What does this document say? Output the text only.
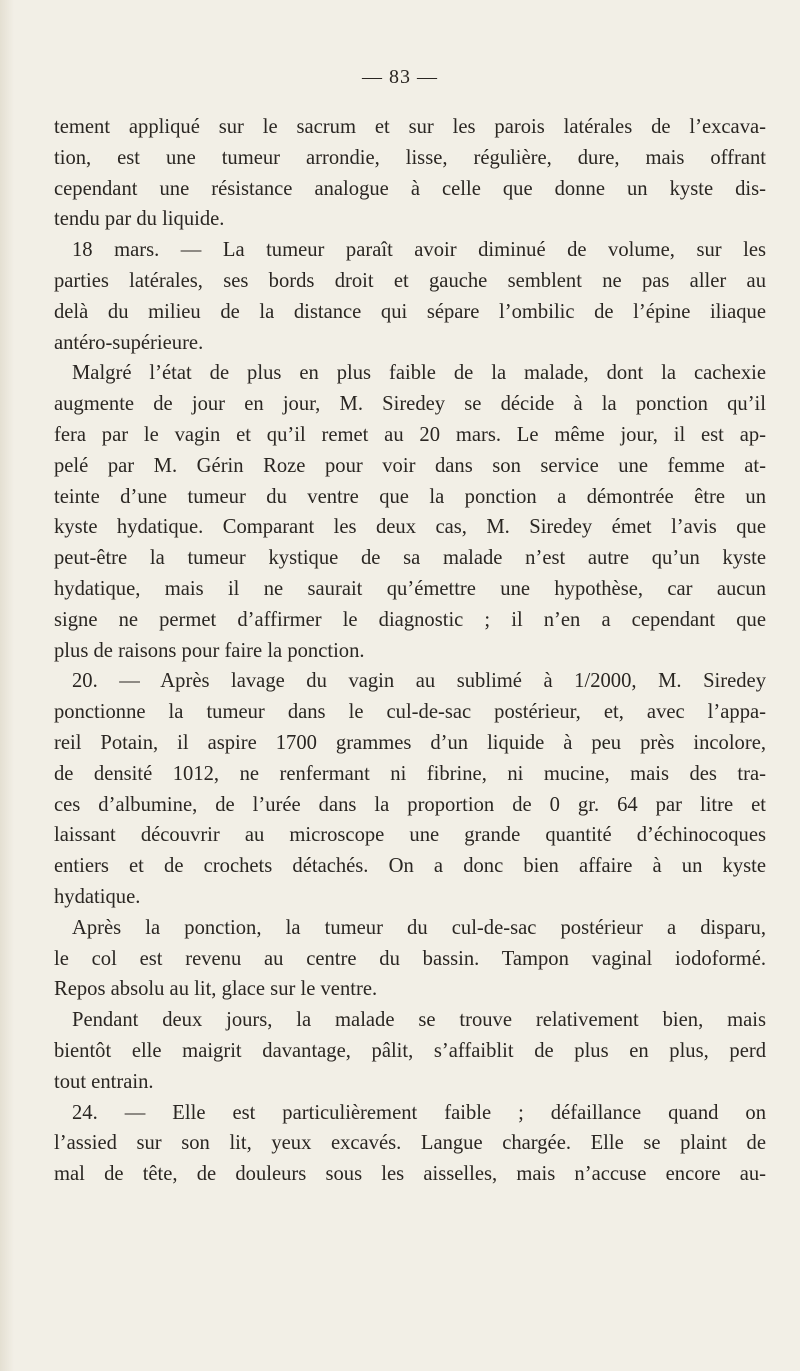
— 83 —

tement appliqué sur le sacrum et sur les parois latérales de l’excava-
tion, est une tumeur arrondie, lisse, régulière, dure, mais offrant
cependant une résistance analogue à celle que donne un kyste dis-
tendu par du liquide.

18 mars. — La tumeur paraît avoir diminué de volume, sur les
parties latérales, ses bords droit et gauche semblent ne pas aller au
delà du milieu de la distance qui sépare l’ombilic de l’épine iliaque
antéro-supérieure.

Malgré l’état de plus en plus faible de la malade, dont la cachexie
augmente de jour en jour, M. Siredey se décide à la ponction qu’il
fera par le vagin et qu’il remet au 20 mars. Le même jour, il est ap-
pelé par M. Gérin Roze pour voir dans son service une femme at-
teinte d’une tumeur du ventre que la ponction a démontrée être un
kyste hydatique. Comparant les deux cas, M. Siredey émet l’avis que
peut-être la tumeur kystique de sa malade n’est autre qu’un kyste
hydatique, mais il ne saurait qu’émettre une hypothèse, car aucun
signe ne permet d’affirmer le diagnostic ; il n’en a cependant que
plus de raisons pour faire la ponction.

20. — Après lavage du vagin au sublimé à 1/2000, M. Siredey
ponctionne la tumeur dans le cul-de-sac postérieur, et, avec l’appa-
reil Potain, il aspire 1700 grammes d’un liquide à peu près incolore,
de densité 1012, ne renfermant ni fibrine, ni mucine, mais des tra-
ces d’albumine, de l’urée dans la proportion de 0 gr. 64 par litre et
laissant découvrir au microscope une grande quantité d’échinocoques
entiers et de crochets détachés. On a donc bien affaire à un kyste
hydatique.

Après la ponction, la tumeur du cul-de-sac postérieur a disparu,
le col est revenu au centre du bassin. Tampon vaginal iodoformé.
Repos absolu au lit, glace sur le ventre.

Pendant deux jours, la malade se trouve relativement bien, mais
bientôt elle maigrit davantage, pâlit, s’affaiblit de plus en plus, perd
tout entrain.

24. — Elle est particulièrement faible ; défaillance quand on
l’assied sur son lit, yeux excavés. Langue chargée. Elle se plaint de
mal de tête, de douleurs sous les aisselles, mais n’accuse encore au-
